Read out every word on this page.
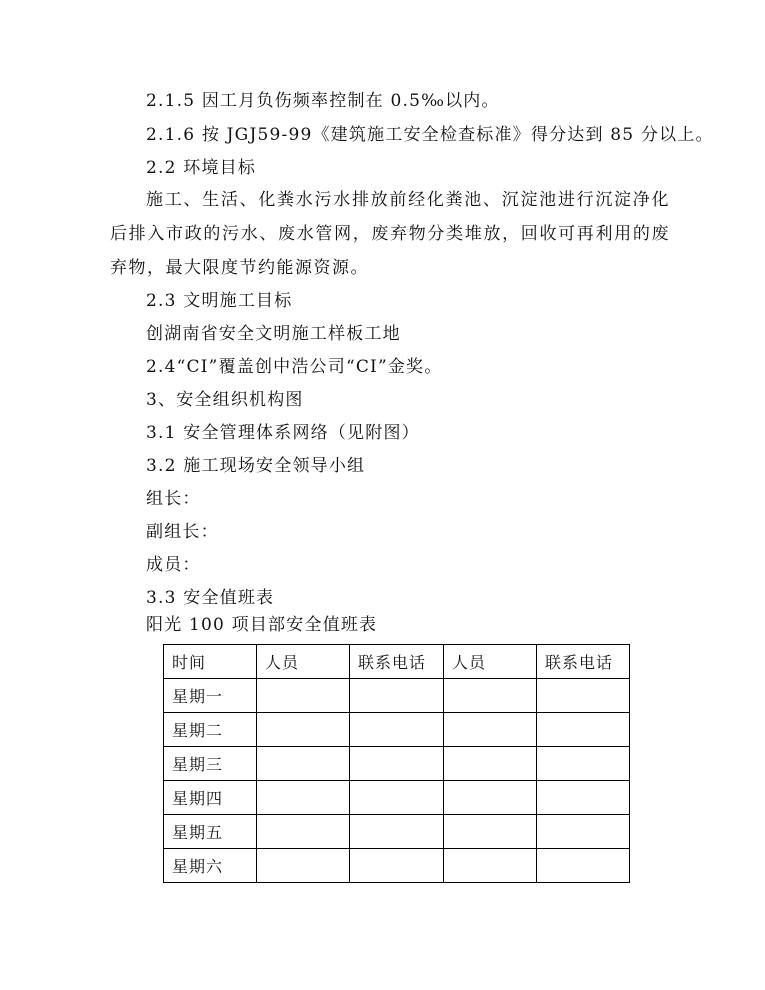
2.1.5 因工月负伤频率控制在 0.5‰以内。
2.1.6 按 JGJ59-99《建筑施工安全检查标准》得分达到 85 分以上。
2.2 环境目标
施工、生活、化粪水污水排放前经化粪池、沉淀池进行沉淀净化后排入市政的污水、废水管网，废弃物分类堆放，回收可再利用的废弃物，最大限度节约能源资源。
2.3 文明施工目标
创湖南省安全文明施工样板工地
2.4“CI”覆盖创中浩公司“CI”金奖。
3、安全组织机构图
3.1 安全管理体系网络（见附图）
3.2 施工现场安全领导小组
组长：
副组长：
成员：
3.3 安全值班表
阳光 100 项目部安全值班表
时间	人员	联系电话	人员	联系电话
星期一				
星期二				
星期三				
星期四				
星期五				
星期六				
